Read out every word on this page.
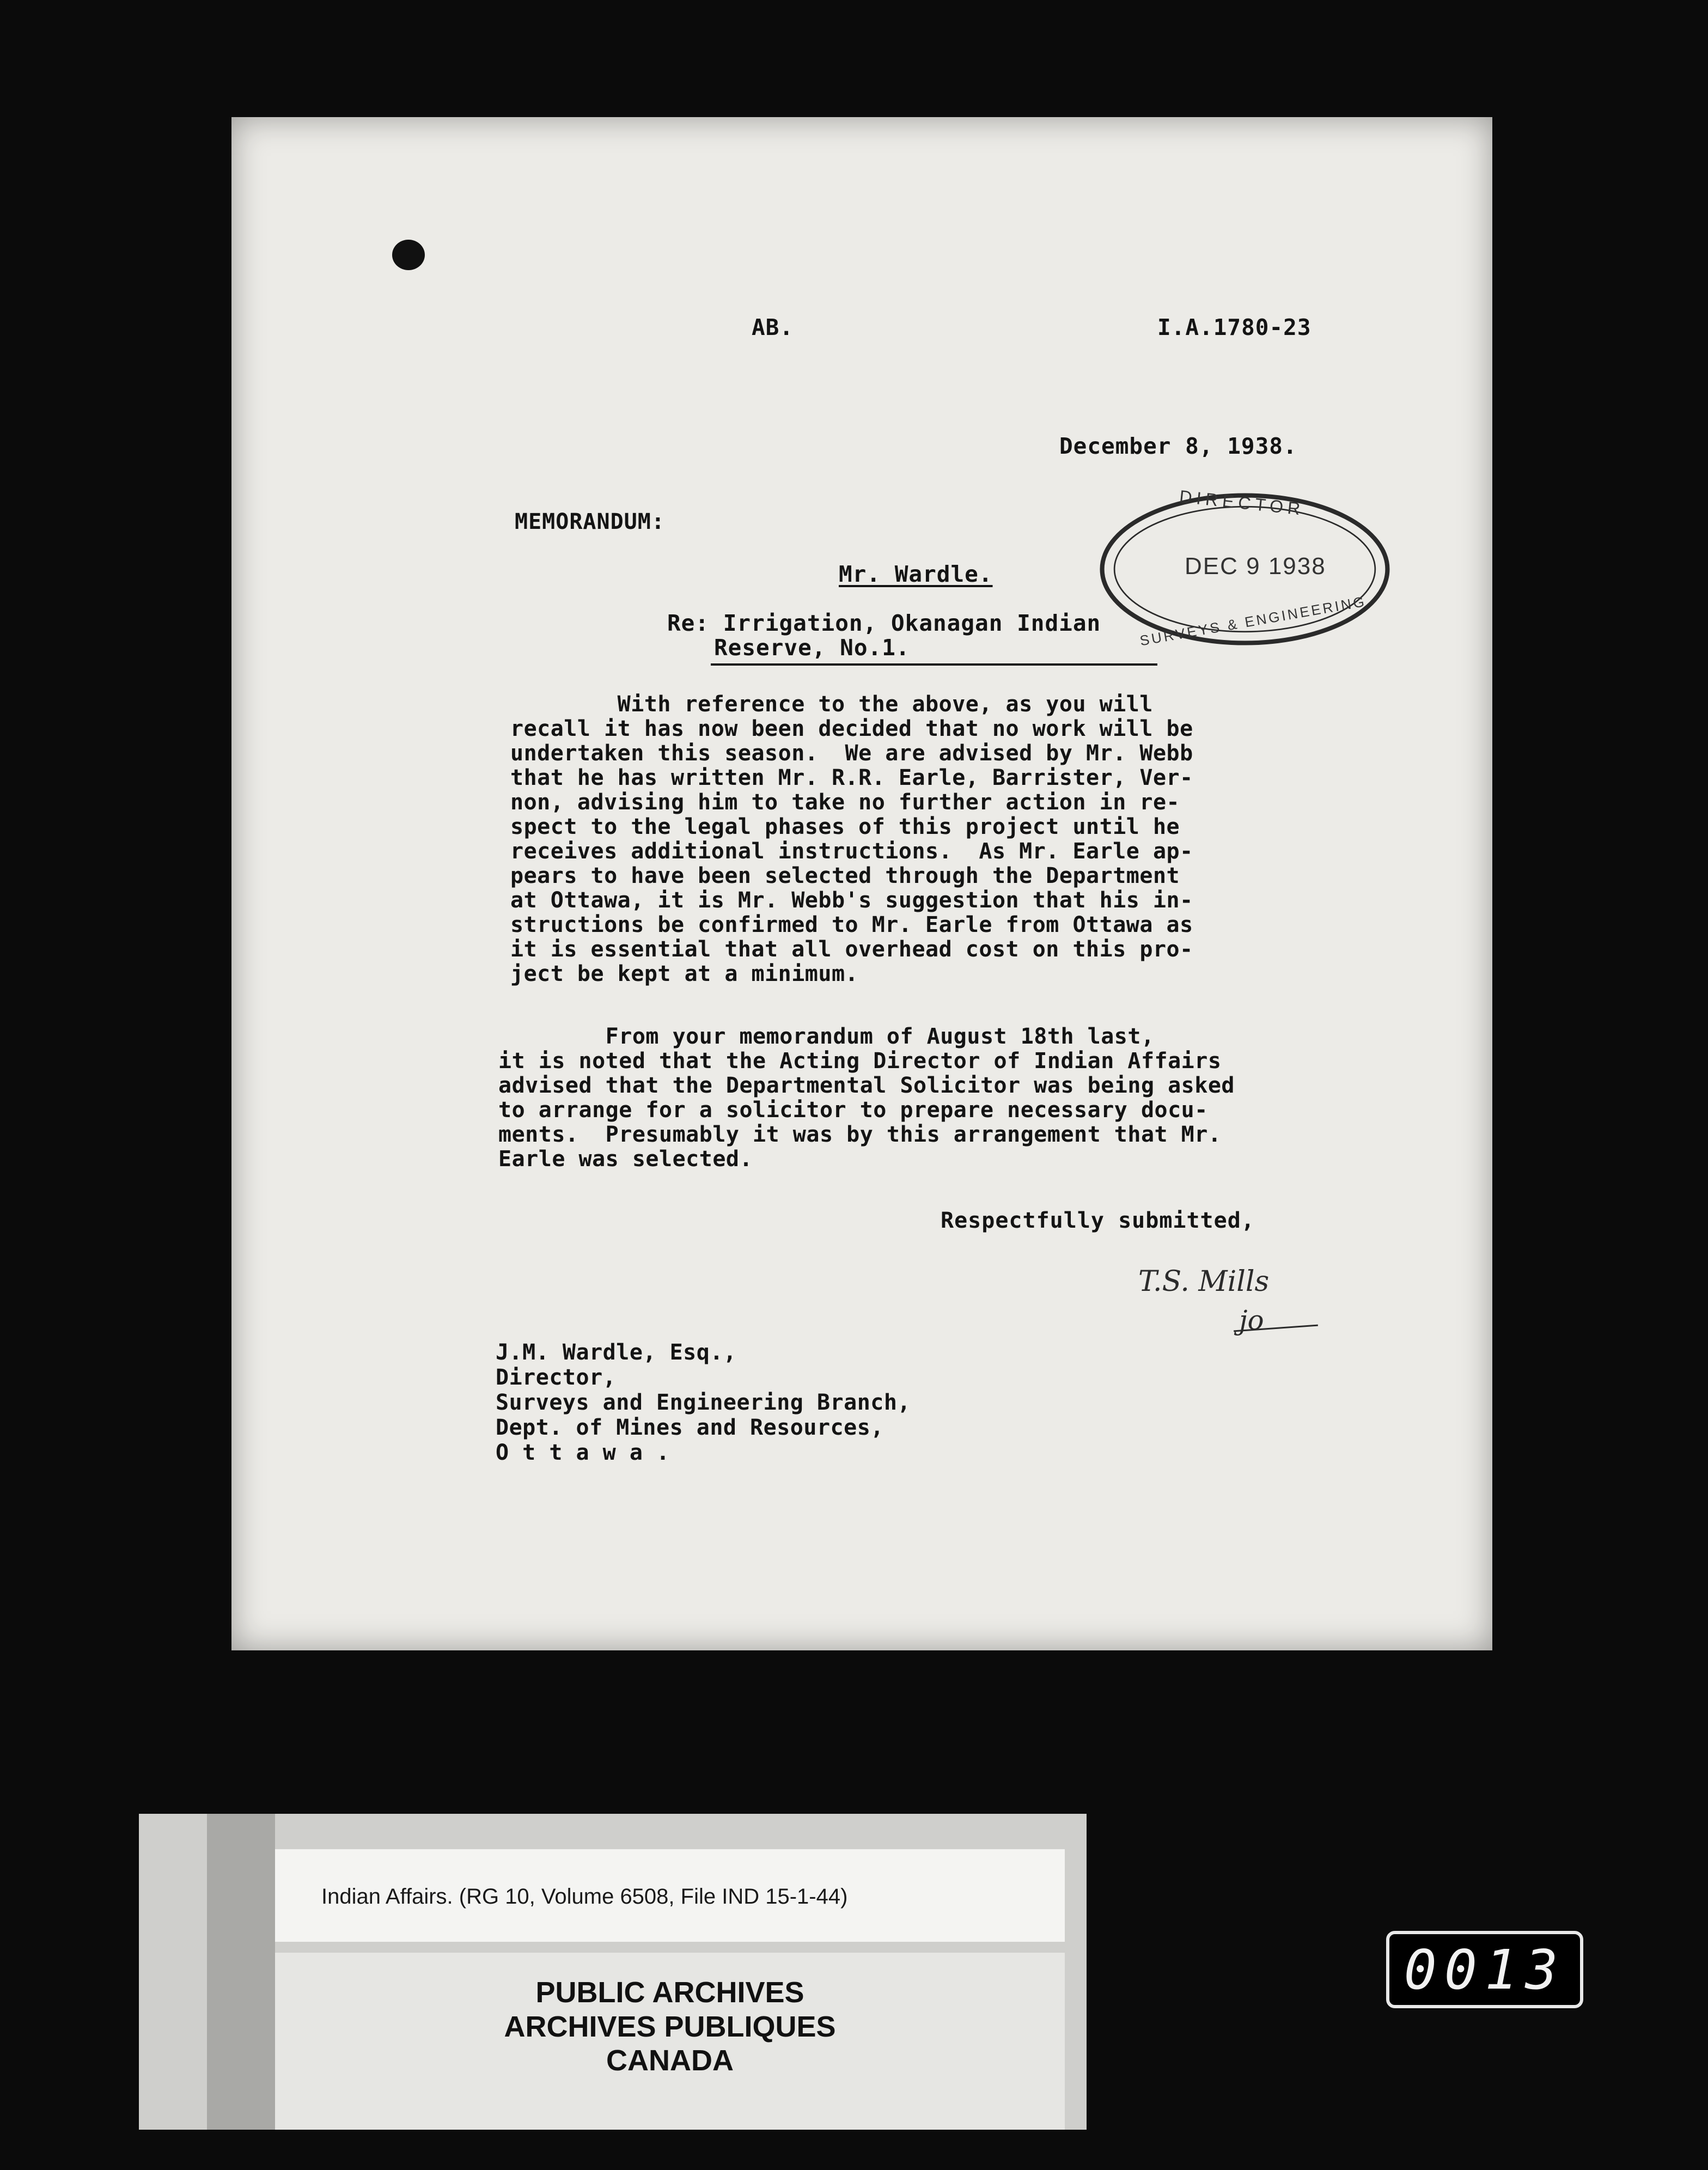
AB.	I.A.1780-23
December 8, 1938.
MEMORANDUM:
Mr. Wardle.
Re: Irrigation, Okanagan Indian
Reserve, No.1.
DIRECTOR
DEC 9 1938
SURVEYS & ENGINEERING
With reference to the above, as you will
recall it has now been decided that no work will be
undertaken this season.  We are advised by Mr. Webb
that he has written Mr. R.R. Earle, Barrister, Ver-
non, advising him to take no further action in re-
spect to the legal phases of this project until he
receives additional instructions.  As Mr. Earle ap-
pears to have been selected through the Department
at Ottawa, it is Mr. Webb's suggestion that his in-
structions be confirmed to Mr. Earle from Ottawa as
it is essential that all overhead cost on this pro-
ject be kept at a minimum.
From your memorandum of August 18th last,
it is noted that the Acting Director of Indian Affairs
advised that the Departmental Solicitor was being asked
to arrange for a solicitor to prepare necessary docu-
ments.  Presumably it was by this arrangement that Mr.
Earle was selected.
Respectfully submitted,
T.S. Mills
jo
J.M. Wardle, Esq.,
Director,
Surveys and Engineering Branch,
Dept. of Mines and Resources,
O t t a w a .
Indian Affairs. (RG 10, Volume 6508, File IND 15-1-44)
PUBLIC ARCHIVES
ARCHIVES PUBLIQUES
CANADA
0013
